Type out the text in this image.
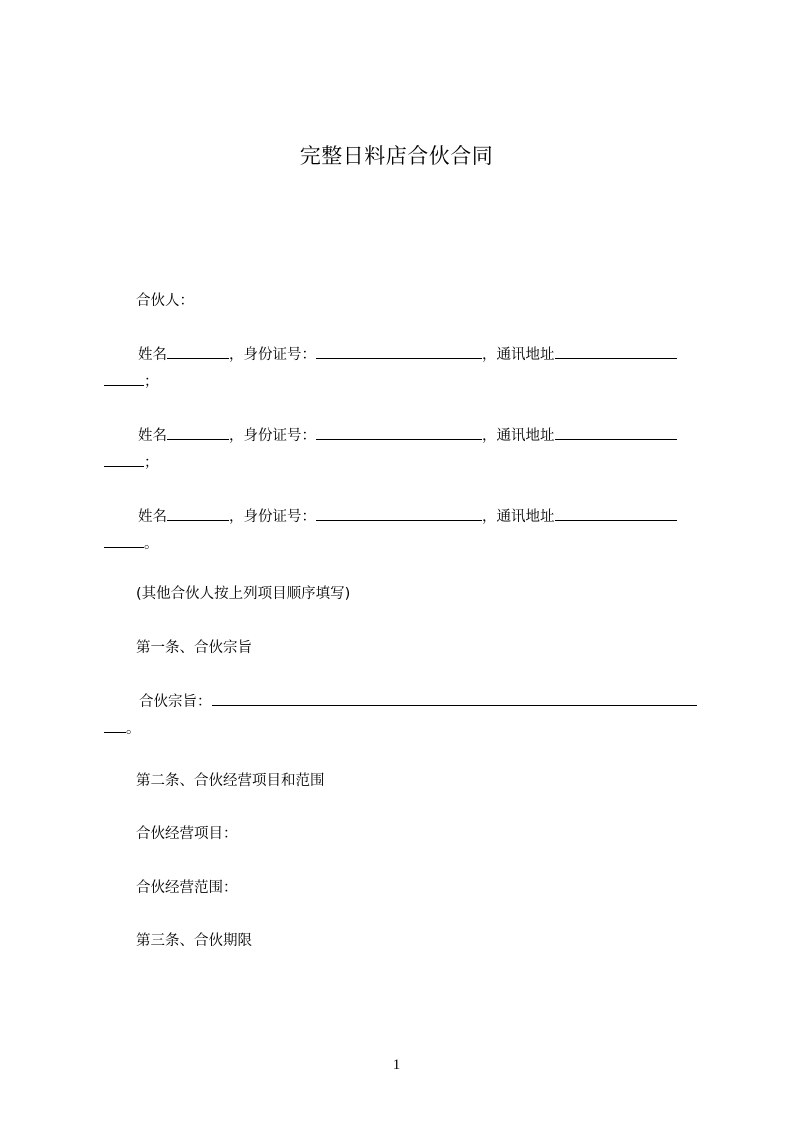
完整日料店合伙合同
合伙人：
姓名	，身份证号：	，通讯地址
；
姓名	，身份证号：	，通讯地址
；
姓名	，身份证号：	，通讯地址
。
(其他合伙人按上列项目顺序填写)
第一条、合伙宗旨
合伙宗旨：
。
第二条、合伙经营项目和范围
合伙经营项目：
合伙经营范围：
第三条、合伙期限
1
